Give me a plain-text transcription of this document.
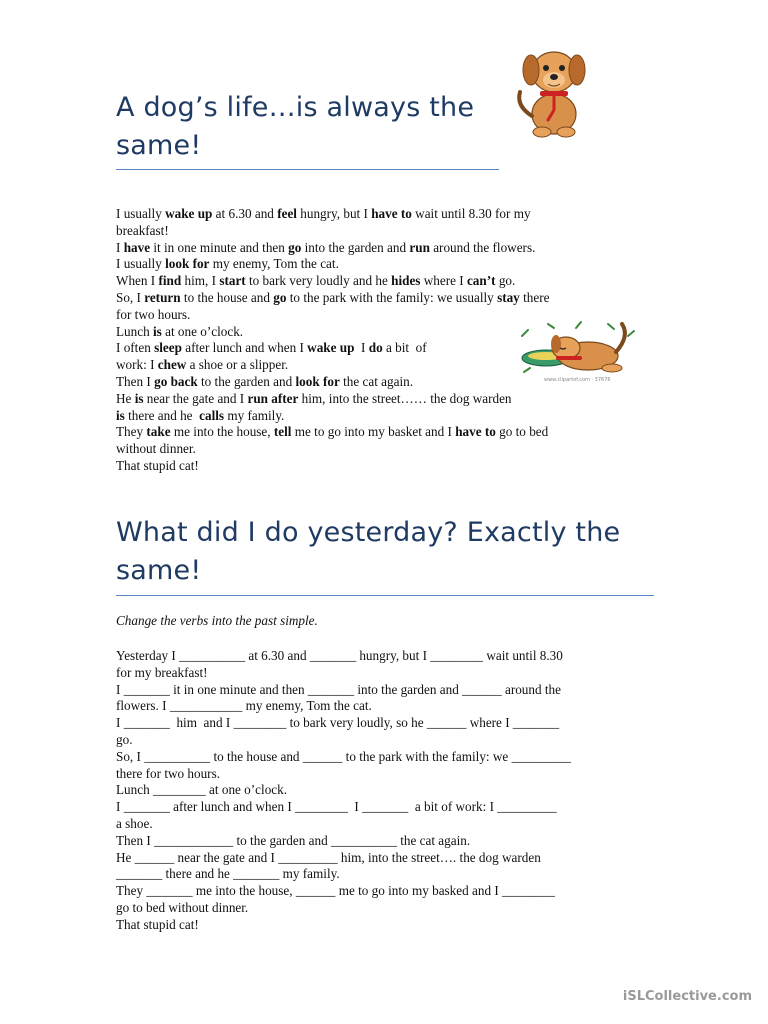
A dog’s life…is always the same!
I usually wake up at 6.30 and feel hungry, but I have to wait until 8.30 for my
breakfast!
I have it in one minute and then go into the garden and run around the flowers.
I usually look for my enemy, Tom the cat.
When I find him, I start to bark very loudly and he hides where I can’t go.
So, I return to the house and go to the park with the family: we usually stay there
for two hours.
Lunch is at one o’clock.
I often sleep after lunch and when I wake up  I do a bit  of
work: I chew a shoe or a slipper.
Then I go back to the garden and look for the cat again.
He is near the gate and I run after him, into the street…… the dog warden
is there and he  calls my family.
They take me into the house, tell me to go into my basket and I have to go to bed
without dinner.
That stupid cat!
www.clipartof.com · 37676
What did I do yesterday? Exactly the same!
Change the verbs into the past simple.
Yesterday I __________ at 6.30 and _______ hungry, but I ________ wait until 8.30
for my breakfast!
I _______ it in one minute and then _______ into the garden and ______ around the
flowers. I ___________ my enemy, Tom the cat.
I _______  him  and I ________ to bark very loudly, so he ______ where I _______
go.
So, I __________ to the house and ______ to the park with the family: we _________
there for two hours.
Lunch ________ at one o’clock.
I _______ after lunch and when I ________  I _______  a bit of work: I _________
a shoe.
Then I ____________ to the garden and __________ the cat again.
He ______ near the gate and I _________ him, into the street…. the dog warden
_______ there and he _______ my family.
They _______ me into the house, ______ me to go into my basked and I ________
go to bed without dinner.
That stupid cat!
iSLCollective.com
